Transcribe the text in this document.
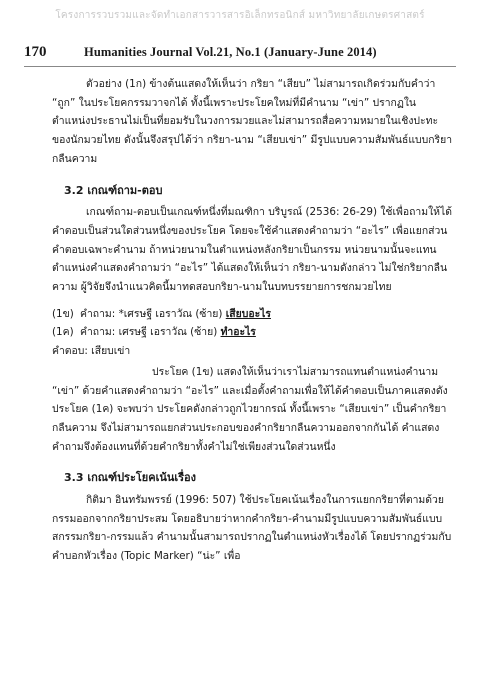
โครงการรวบรวมและจัดทำเอกสารวารสารอิเล็กทรอนิกส์ มหาวิทยาลัยเกษตรศาสตร์
170	Humanities Journal Vol.21, No.1 (January-June 2014)

ตัวอย่าง (1ก) ข้างต้นแสดงให้เห็นว่า กริยา “เสียบ” ไม่สามารถเกิดร่วมกับคำว่า “ถูก” ในประโยคกรรมวาจกได้ ทั้งนี้เพราะประโยคใหม่ที่มีคำนาม “เข่า” ปรากฏในตำแหน่งประธานไม่เป็นที่ยอมรับในวงการมวยและไม่สามารถสื่อความหมายในเชิงปะทะของนักมวยไทย ดังนั้นจึงสรุปได้ว่า กริยา-นาม “เสียบเข่า” มีรูปแบบความสัมพันธ์แบบกริยากลืนความ

3.2 เกณฑ์ถาม-ตอบ

เกณฑ์ถาม-ตอบเป็นเกณฑ์หนึ่งที่มณฑิกา บริบูรณ์ (2536: 26-29) ใช้เพื่อถามให้ได้คำตอบเป็นส่วนใดส่วนหนึ่งของประโยค โดยจะใช้คำแสดงคำถามว่า “อะไร” เพื่อแยกส่วนคำตอบเฉพาะคำนาม ถ้าหน่วยนามในตำแหน่งหลังกริยาเป็นกรรม หน่วยนามนั้นจะแทนตำแหน่งคำแสดงคำถามว่า “อะไร” ได้แสดงให้เห็นว่า กริยา-นามดังกล่าว ไม่ใช่กริยากลืนความ ผู้วิจัยจึงนำแนวคิดนี้มาทดสอบกริยา-นามในบทบรรยายการชกมวยไทย

(1ข) คำถาม: *เศรษฐี เอราวัณ (ซ้าย) เสียบอะไร

(1ค) คำถาม: เศรษฐี เอราวัณ (ซ้าย) ทำอะไร

คำตอบ: เสียบเข่า

ประโยค (1ข) แสดงให้เห็นว่าเราไม่สามารถแทนตำแหน่งคำนาม “เข่า” ด้วยคำแสดงคำถามว่า “อะไร” และเมื่อตั้งคำถามเพื่อให้ได้คำตอบเป็นภาคแสดงดังประโยค (1ค) จะพบว่า ประโยคดังกล่าวถูกไวยากรณ์ ทั้งนี้เพราะ “เสียบเข่า” เป็นคำกริยากลืนความ จึงไม่สามารถแยกส่วนประกอบของคำกริยากลืนความออกจากกันได้ คำแสดงคำถามจึงต้องแทนที่ด้วยคำกริยาทั้งคำไม่ใช่เพียงส่วนใดส่วนหนึ่ง

3.3 เกณฑ์ประโยคเน้นเรื่อง

กิติมา อินทรัมพรรย์ (1996: 507) ใช้ประโยคเน้นเรื่องในการแยกกริยาที่ตามด้วยกรรมออกจากกริยาประสม โดยอธิบายว่าหากคำกริยา-คำนามมีรูปแบบความสัมพันธ์แบบสกรรมกริยา-กรรมแล้ว คำนามนั้นสามารถปรากฏในตำแหน่งหัวเรื่องได้ โดยปรากฏร่วมกับคำบอกหัวเรื่อง (Topic Marker) “น่ะ” เพื่อ
